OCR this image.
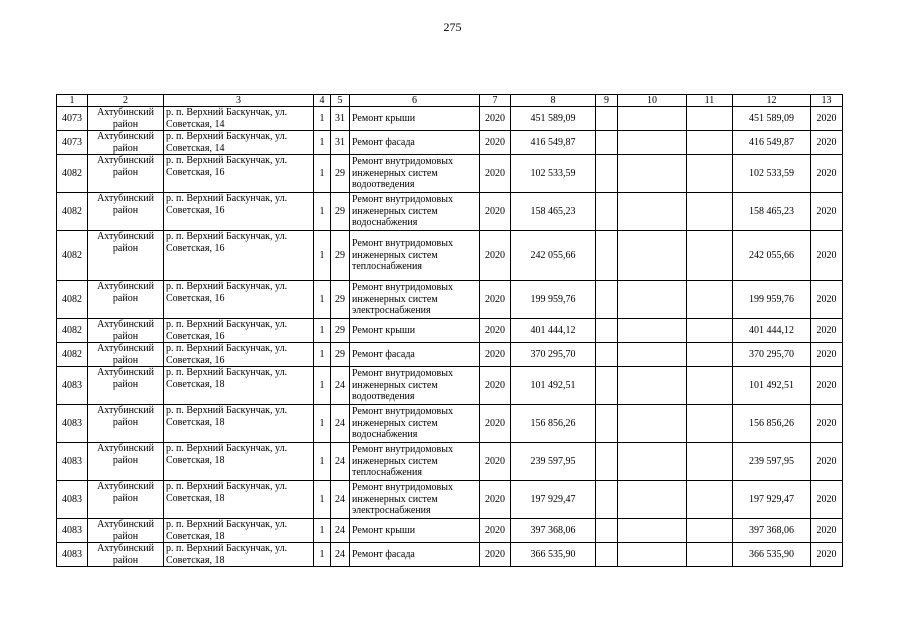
275
1	2	3	4	5	6	7	8	9	10	11	12	13
4073	Ахтубинский район	р. п. Верхний Баскунчак, ул. Советская, 14	1	31	Ремонт крыши	2020	451 589,09				451 589,09	2020
4073	Ахтубинский район	р. п. Верхний Баскунчак, ул. Советская, 14	1	31	Ремонт фасада	2020	416 549,87				416 549,87	2020
4082	Ахтубинский район	р. п. Верхний Баскунчак, ул. Советская, 16	1	29	Ремонт внутридомовых инженерных систем водоотведения	2020	102 533,59				102 533,59	2020
4082	Ахтубинский район	р. п. Верхний Баскунчак, ул. Советская, 16	1	29	Ремонт внутридомовых инженерных систем водоснабжения	2020	158 465,23				158 465,23	2020
4082	Ахтубинский район	р. п. Верхний Баскунчак, ул. Советская, 16	1	29	Ремонт внутридомовых инженерных систем теплоснабжения	2020	242 055,66				242 055,66	2020
4082	Ахтубинский район	р. п. Верхний Баскунчак, ул. Советская, 16	1	29	Ремонт внутридомовых инженерных систем электроснабжения	2020	199 959,76				199 959,76	2020
4082	Ахтубинский район	р. п. Верхний Баскунчак, ул. Советская, 16	1	29	Ремонт крыши	2020	401 444,12				401 444,12	2020
4082	Ахтубинский район	р. п. Верхний Баскунчак, ул. Советская, 16	1	29	Ремонт фасада	2020	370 295,70				370 295,70	2020
4083	Ахтубинский район	р. п. Верхний Баскунчак, ул. Советская, 18	1	24	Ремонт внутридомовых инженерных систем водоотведения	2020	101 492,51				101 492,51	2020
4083	Ахтубинский район	р. п. Верхний Баскунчак, ул. Советская, 18	1	24	Ремонт внутридомовых инженерных систем водоснабжения	2020	156 856,26				156 856,26	2020
4083	Ахтубинский район	р. п. Верхний Баскунчак, ул. Советская, 18	1	24	Ремонт внутридомовых инженерных систем теплоснабжения	2020	239 597,95				239 597,95	2020
4083	Ахтубинский район	р. п. Верхний Баскунчак, ул. Советская, 18	1	24	Ремонт внутридомовых инженерных систем электроснабжения	2020	197 929,47				197 929,47	2020
4083	Ахтубинский район	р. п. Верхний Баскунчак, ул. Советская, 18	1	24	Ремонт крыши	2020	397 368,06				397 368,06	2020
4083	Ахтубинский район	р. п. Верхний Баскунчак, ул. Советская, 18	1	24	Ремонт фасада	2020	366 535,90				366 535,90	2020
